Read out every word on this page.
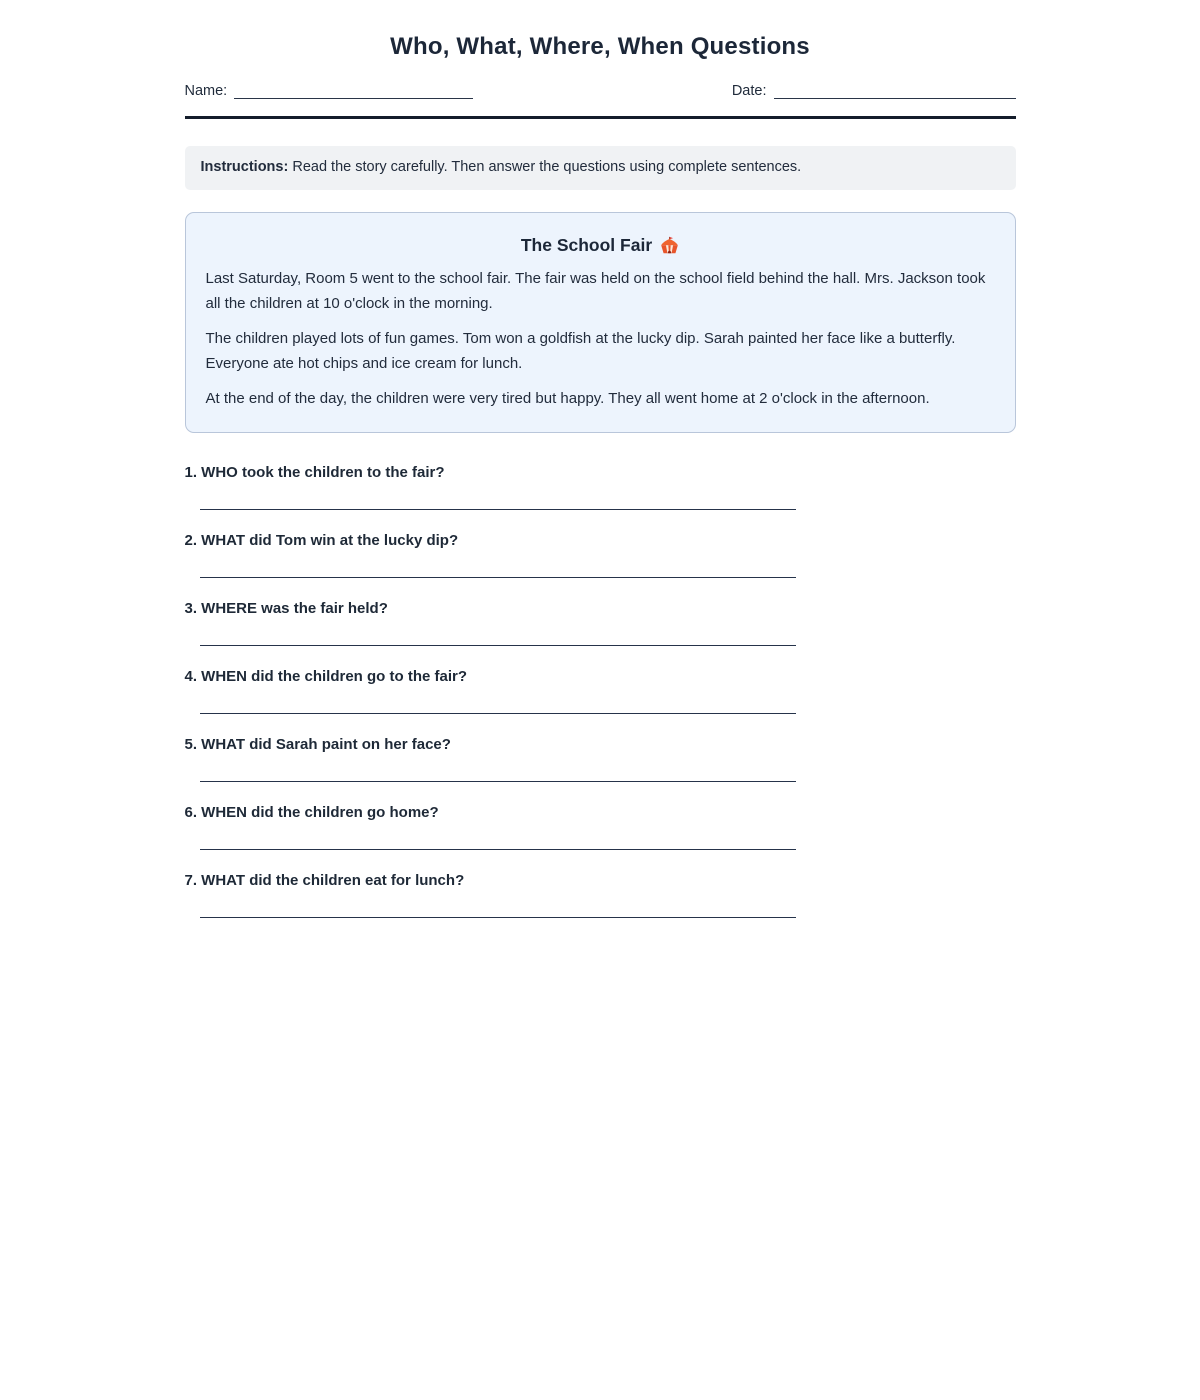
Who, What, Where, When Questions
Name:	Date:
Instructions: Read the story carefully. Then answer the questions using complete sentences.
The School Fair

Last Saturday, Room 5 went to the school fair. The fair was held on the school field behind the hall. Mrs. Jackson took all the children at 10 o'clock in the morning.

The children played lots of fun games. Tom won a goldfish at the lucky dip. Sarah painted her face like a butterfly. Everyone ate hot chips and ice cream for lunch.

At the end of the day, the children were very tired but happy. They all went home at 2 o'clock in the afternoon.

1. WHO took the children to the fair?

2. WHAT did Tom win at the lucky dip?

3. WHERE was the fair held?

4. WHEN did the children go to the fair?

5. WHAT did Sarah paint on her face?

6. WHEN did the children go home?

7. WHAT did the children eat for lunch?
